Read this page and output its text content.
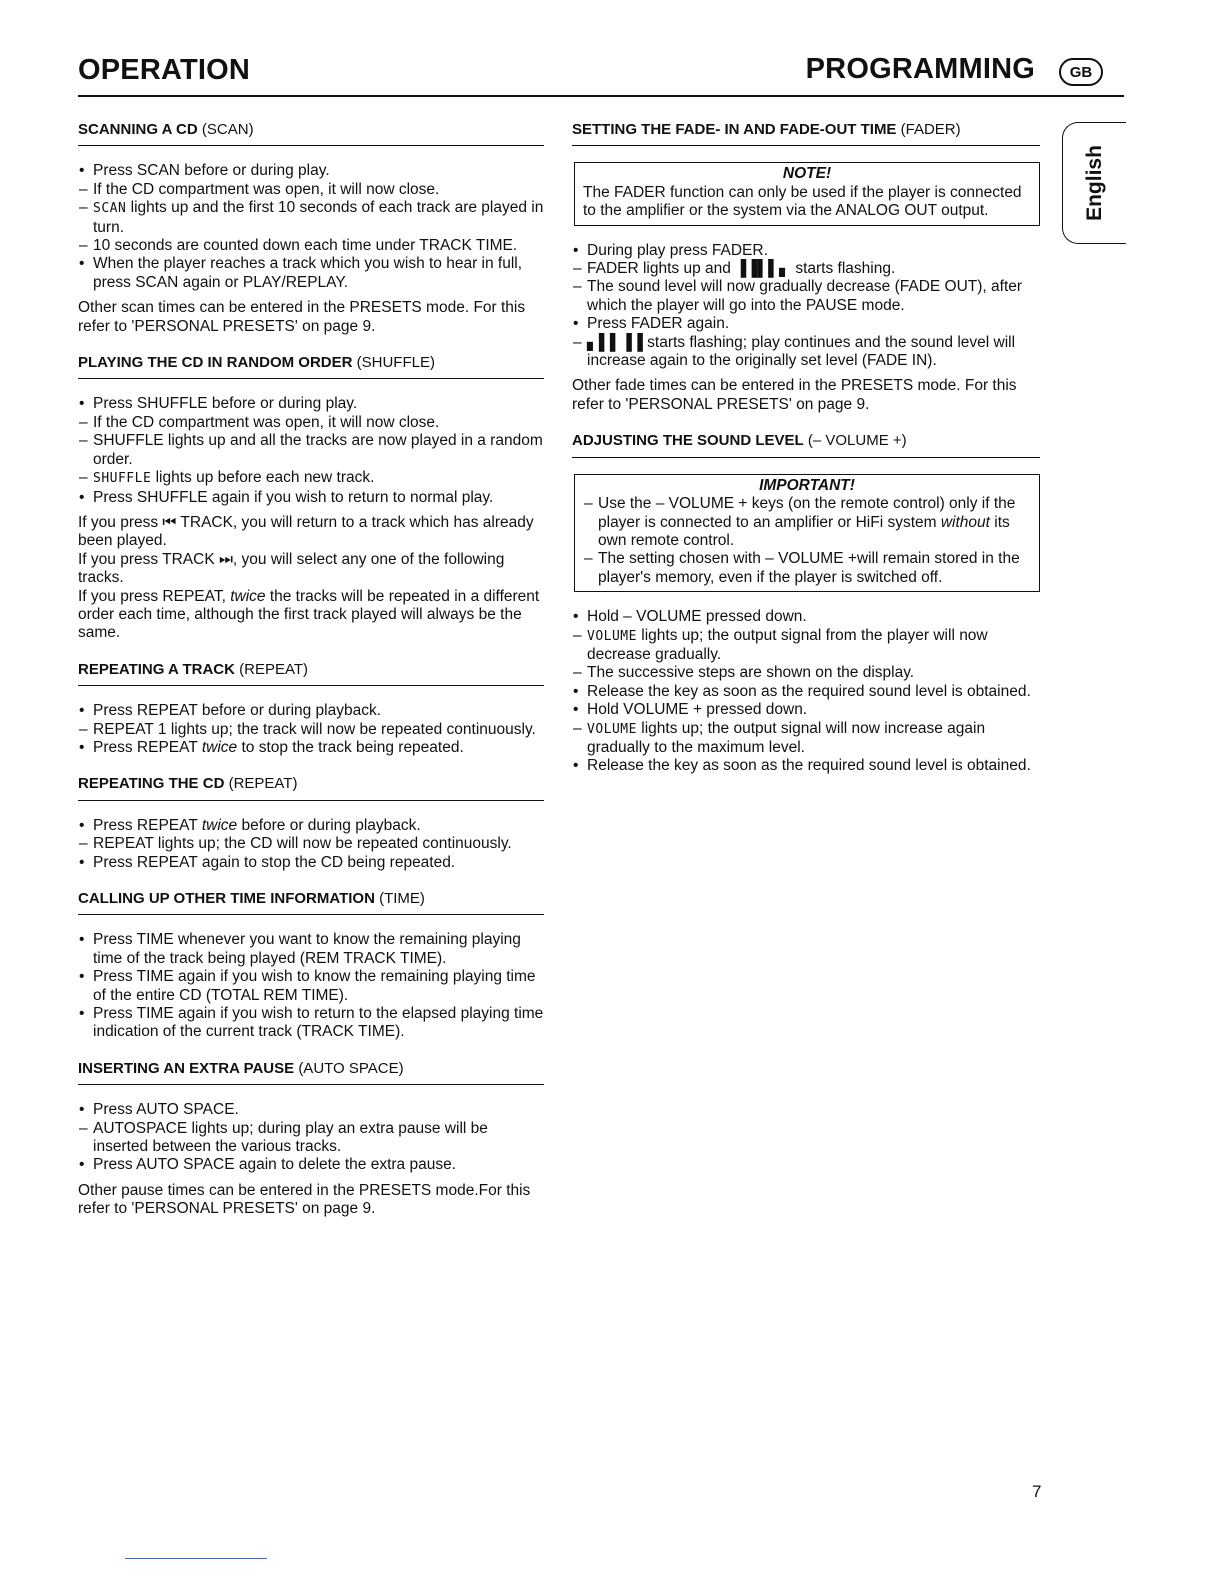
OPERATION	PROGRAMMING	GB
English
SCANNING A CD (SCAN)
• Press SCAN before or during play.
– If the CD compartment was open, it will now close.
– SCAN lights up and the first 10 seconds of each track are played in turn.
– 10 seconds are counted down each time under TRACK TIME.
• When the player reaches a track which you wish to hear in full, press SCAN again or PLAY/REPLAY.
Other scan times can be entered in the PRESETS mode. For this refer to 'PERSONAL PRESETS' on page 9.
PLAYING THE CD IN RANDOM ORDER (SHUFFLE)
• Press SHUFFLE before or during play.
– If the CD compartment was open, it will now close.
– SHUFFLE lights up and all the tracks are now played in a random order.
– SHUFFLE lights up before each new track.
• Press SHUFFLE again if you wish to return to normal play.
If you press ⏮ TRACK, you will return to a track which has already been played.
If you press TRACK ⏭, you will select any one of the following tracks.
If you press REPEAT, twice the tracks will be repeated in a different order each time, although the first track played will always be the same.
REPEATING A TRACK (REPEAT)
• Press REPEAT before or during playback.
– REPEAT 1 lights up; the track will now be repeated continuously.
• Press REPEAT twice to stop the track being repeated.
REPEATING THE CD (REPEAT)
• Press REPEAT twice before or during playback.
– REPEAT lights up; the CD will now be repeated continuously.
• Press REPEAT again to stop the CD being repeated.
CALLING UP OTHER TIME INFORMATION (TIME)
• Press TIME whenever you want to know the remaining playing time of the track being played (REM TRACK TIME).
• Press TIME again if you wish to know the remaining playing time of the entire CD (TOTAL REM TIME).
• Press TIME again if you wish to return to the elapsed playing time indication of the current track (TRACK TIME).
INSERTING AN EXTRA PAUSE (AUTO SPACE)
• Press AUTO SPACE.
– AUTOSPACE lights up; during play an extra pause will be inserted between the various tracks.
• Press AUTO SPACE again to delete the extra pause.
Other pause times can be entered in the PRESETS mode.For this refer to 'PERSONAL PRESETS' on page 9.
SETTING THE FADE- IN AND FADE-OUT TIME (FADER)
NOTE!
The FADER function can only be used if the player is connected to the amplifier or the system via the ANALOG OUT output.
• During play press FADER.
– FADER lights up and ▐▐▌▌▖ starts flashing.
– The sound level will now gradually decrease (FADE OUT), after which the player will go into the PAUSE mode.
• Press FADER again.
– ▖▌▌▐▐ starts flashing; play continues and the sound level will increase again to the originally set level (FADE IN).
Other fade times can be entered in the PRESETS mode. For this refer to 'PERSONAL PRESETS' on page 9.
ADJUSTING THE SOUND LEVEL (– VOLUME +)
IMPORTANT!
– Use the – VOLUME + keys (on the remote control) only if the player is connected to an amplifier or HiFi system without its own remote control.
– The setting chosen with – VOLUME +will remain stored in the player's memory, even if the player is switched off.
• Hold – VOLUME pressed down.
– VOLUME lights up; the output signal from the player will now decrease gradually.
– The successive steps are shown on the display.
• Release the key as soon as the required sound level is obtained.
• Hold VOLUME + pressed down.
– VOLUME lights up; the output signal will now increase again gradually to the maximum level.
• Release the key as soon as the required sound level is obtained.
7
